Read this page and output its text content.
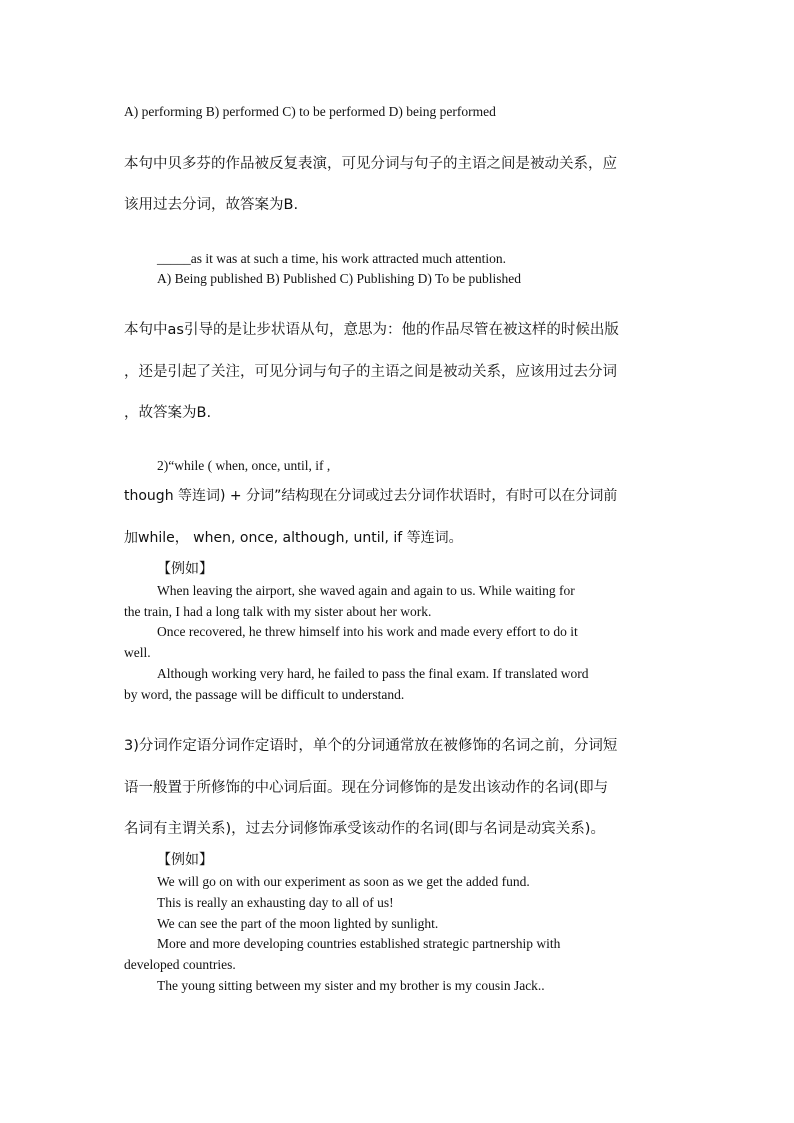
A) performing B) performed C) to be performed D) being performed
本句中贝多芬的作品被反复表演，可见分词与句子的主语之间是被动关系，应
该用过去分词，故答案为B.
_____as it was at such a time, his work attracted much attention.
A) Being published B) Published C) Publishing D) To be published
本句中as引导的是让步状语从句，意思为：他的作品尽管在被这样的时候出版
，还是引起了关注，可见分词与句子的主语之间是被动关系，应该用过去分词
，故答案为B.
2)“while ( when, once, until, if ,
though 等连词) + 分词”结构现在分词或过去分词作状语时，有时可以在分词前
加while， when, once, although, until, if 等连词。
【例如】
When leaving the airport, she waved again and again to us. While waiting for
the train, I had a long talk with my sister about her work.
Once recovered, he threw himself into his work and made every effort to do it
well.
Although working very hard, he failed to pass the final exam. If translated word
by word, the passage will be difficult to understand.
3)分词作定语分词作定语时，单个的分词通常放在被修饰的名词之前，分词短
语一般置于所修饰的中心词后面。现在分词修饰的是发出该动作的名词(即与
名词有主谓关系)，过去分词修饰承受该动作的名词(即与名词是动宾关系)。
【例如】
We will go on with our experiment as soon as we get the added fund.
This is really an exhausting day to all of us!
We can see the part of the moon lighted by sunlight.
More and more developing countries established strategic partnership with
developed countries.
The young sitting between my sister and my brother is my cousin Jack..
